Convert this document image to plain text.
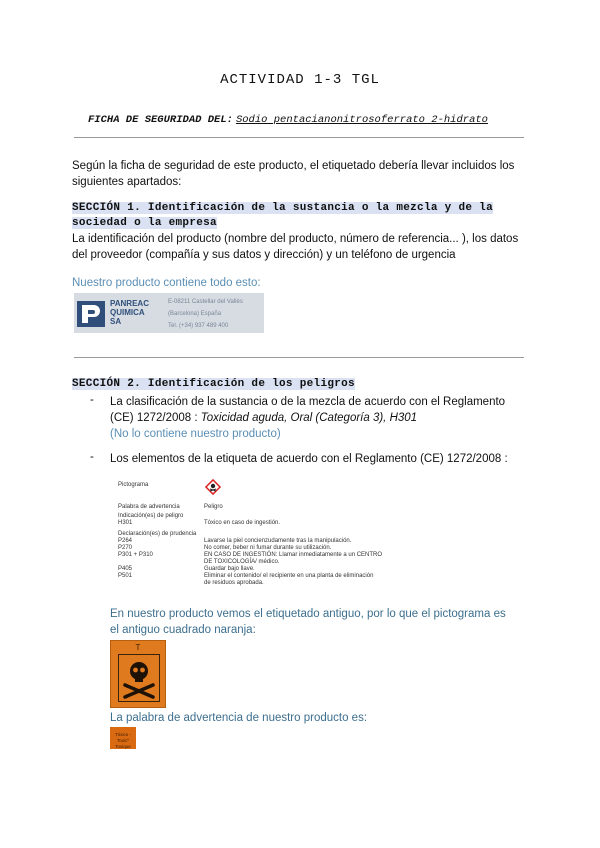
ACTIVIDAD 1-3 TGL
FICHA DE SEGURIDAD DEL: Sodio pentacianonitrosoferrato 2-hidrato
Según la ficha de seguridad de este producto, el etiquetado debería llevar incluidos los siguientes apartados:
SECCIÓN 1. Identificación de la sustancia o la mezcla y de la
sociedad o la empresa
La identificación del producto (nombre del producto, número de referencia... ), los datos del proveedor (compañía y sus datos y dirección) y un teléfono de urgencia
Nuestro producto contiene todo esto:
PANREAC
QUIMICA
SA
E-08211 Castellar del Vallès
(Barcelona) España
Tel. (+34) 937 489 400
SECCIÓN 2. Identificación de los peligros
- La clasificación de la sustancia o de la mezcla de acuerdo con el Reglamento (CE) 1272/2008 : Toxicidad aguda, Oral (Categoría 3), H301
(No lo contiene nuestro producto)
- Los elementos de la etiqueta de acuerdo con el Reglamento (CE) 1272/2008 :
Pictograma
Palabra de advertencia	Peligro
Indicación(es) de peligro
H301	Tóxico en caso de ingestión.
Declaración(es) de prudencia
P264	Lavarse la piel concienzudamente tras la manipulación.
P270	No comer, beber ni fumar durante su utilización.
P301 + P310	EN CASO DE INGESTIÓN: Llamar inmediatamente a un CENTRO
DE TOXICOLOGÍA/ médico.
P405	Guardar bajo llave.
P501	Eliminar el contenido/ el recipiente en una planta de eliminación
de residuos aprobada.
En nuestro producto vemos el etiquetado antiguo, por lo que el pictograma es el antiguo cuadrado naranja:
T
La palabra de advertencia de nuestro producto es:
Tóxico - Toxicº
Toxique
